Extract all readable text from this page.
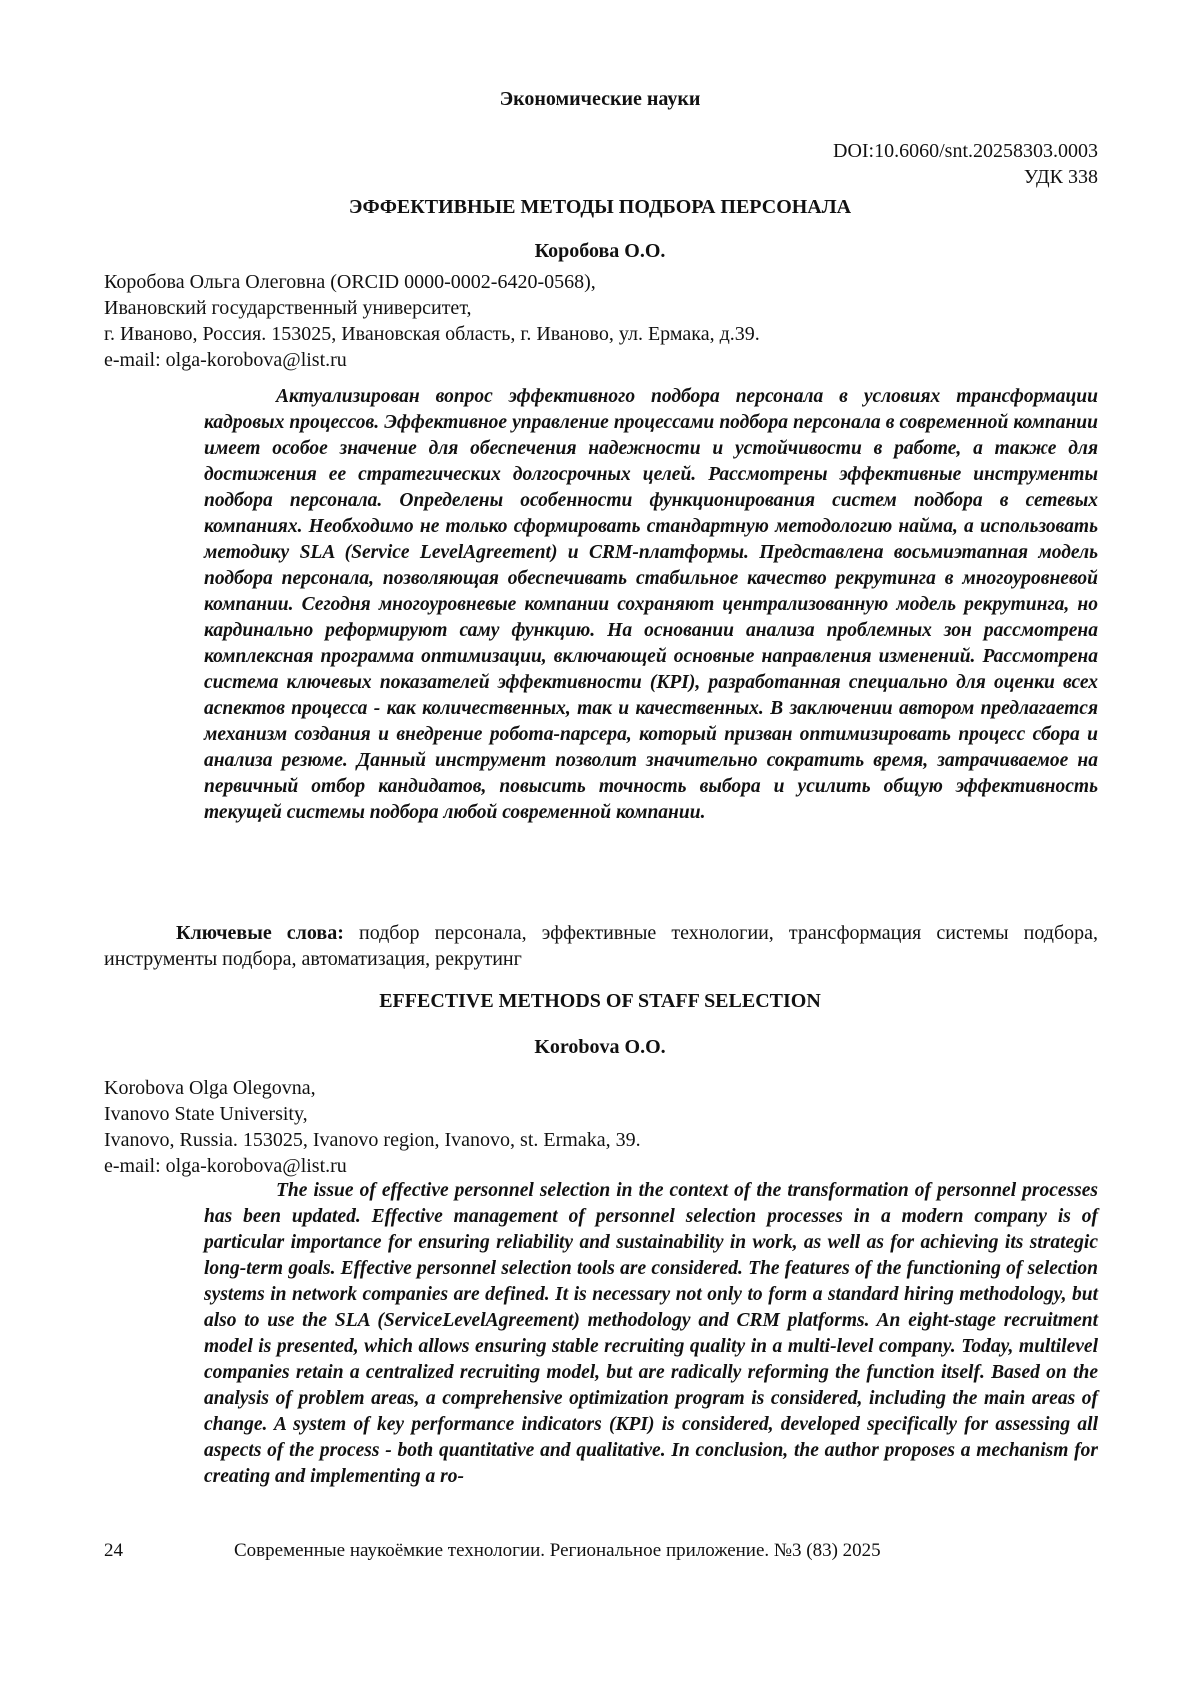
Экономические науки
DOI:10.6060/snt.20258303.0003
УДК 338
ЭФФЕКТИВНЫЕ МЕТОДЫ ПОДБОРА ПЕРСОНАЛА
Коробова О.О.
Коробова Ольга Олеговна (ORCID 0000-0002-6420-0568),
Ивановский государственный университет,
г. Иваново, Россия. 153025, Ивановская область, г. Иваново, ул. Ермака, д.39.
e-mail: olga-korobova@list.ru

Актуализирован вопрос эффективного подбора персонала в условиях трансформации кадровых процессов. Эффективное управление процессами подбора персонала в современной компании имеет особое значение для обеспечения надежности и устойчивости в работе, а также для достижения ее стратегических долгосрочных целей. Рассмотрены эффективные инструменты подбора персонала. Определены особенности функционирования систем подбора в сетевых компаниях. Необходимо не только сформировать стандартную методологию найма, а использовать методику SLA (Service LevelAgreement) и CRM-платформы. Представлена восьмиэтапная модель подбора персонала, позволяющая обеспечивать стабильное качество рекрутинга в многоуровневой компании. Сегодня многоуровневые компании сохраняют централизованную модель рекрутинга, но кардинально реформируют саму функцию. На основании анализа проблемных зон рассмотрена комплексная программа оптимизации, включающей основные направления изменений. Рассмотрена система ключевых показателей эффективности (KPI), разработанная специально для оценки всех аспектов процесса - как количественных, так и качественных. В заключении автором предлагается механизм создания и внедрение робота-парсера, который призван оптимизировать процесс сбора и анализа резюме. Данный инструмент позволит значительно сократить время, затрачиваемое на первичный отбор кандидатов, повысить точность выбора и усилить общую эффективность текущей системы подбора любой современной компании.

Ключевые слова: подбор персонала, эффективные технологии, трансформация системы подбора, инструменты подбора, автоматизация, рекрутинг

EFFECTIVE METHODS OF STAFF SELECTION
Korobova O.O.
Korobova Olga Olegovna,
Ivanovo State University,
Ivanovo, Russia. 153025, Ivanovo region, Ivanovo, st. Ermaka, 39.
e-mail: olga-korobova@list.ru

The issue of effective personnel selection in the context of the transformation of personnel processes has been updated. Effective management of personnel selection processes in a modern company is of particular importance for ensuring reliability and sustainability in work, as well as for achieving its strategic long-term goals. Effective personnel selection tools are considered. The features of the functioning of selection systems in network companies are defined. It is necessary not only to form a standard hiring methodology, but also to use the SLA (ServiceLevelAgreement) methodology and CRM platforms. An eight-stage recruitment model is presented, which allows ensuring stable recruiting quality in a multi-level company. Today, multilevel companies retain a centralized recruiting model, but are radically reforming the function itself. Based on the analysis of problem areas, a comprehensive optimization program is considered, including the main areas of change. A system of key performance indicators (KPI) is considered, developed specifically for assessing all aspects of the process - both quantitative and qualitative. In conclusion, the author proposes a mechanism for creating and implementing a ro-

24	Современные наукоёмкие технологии. Региональное приложение. №3 (83) 2025
